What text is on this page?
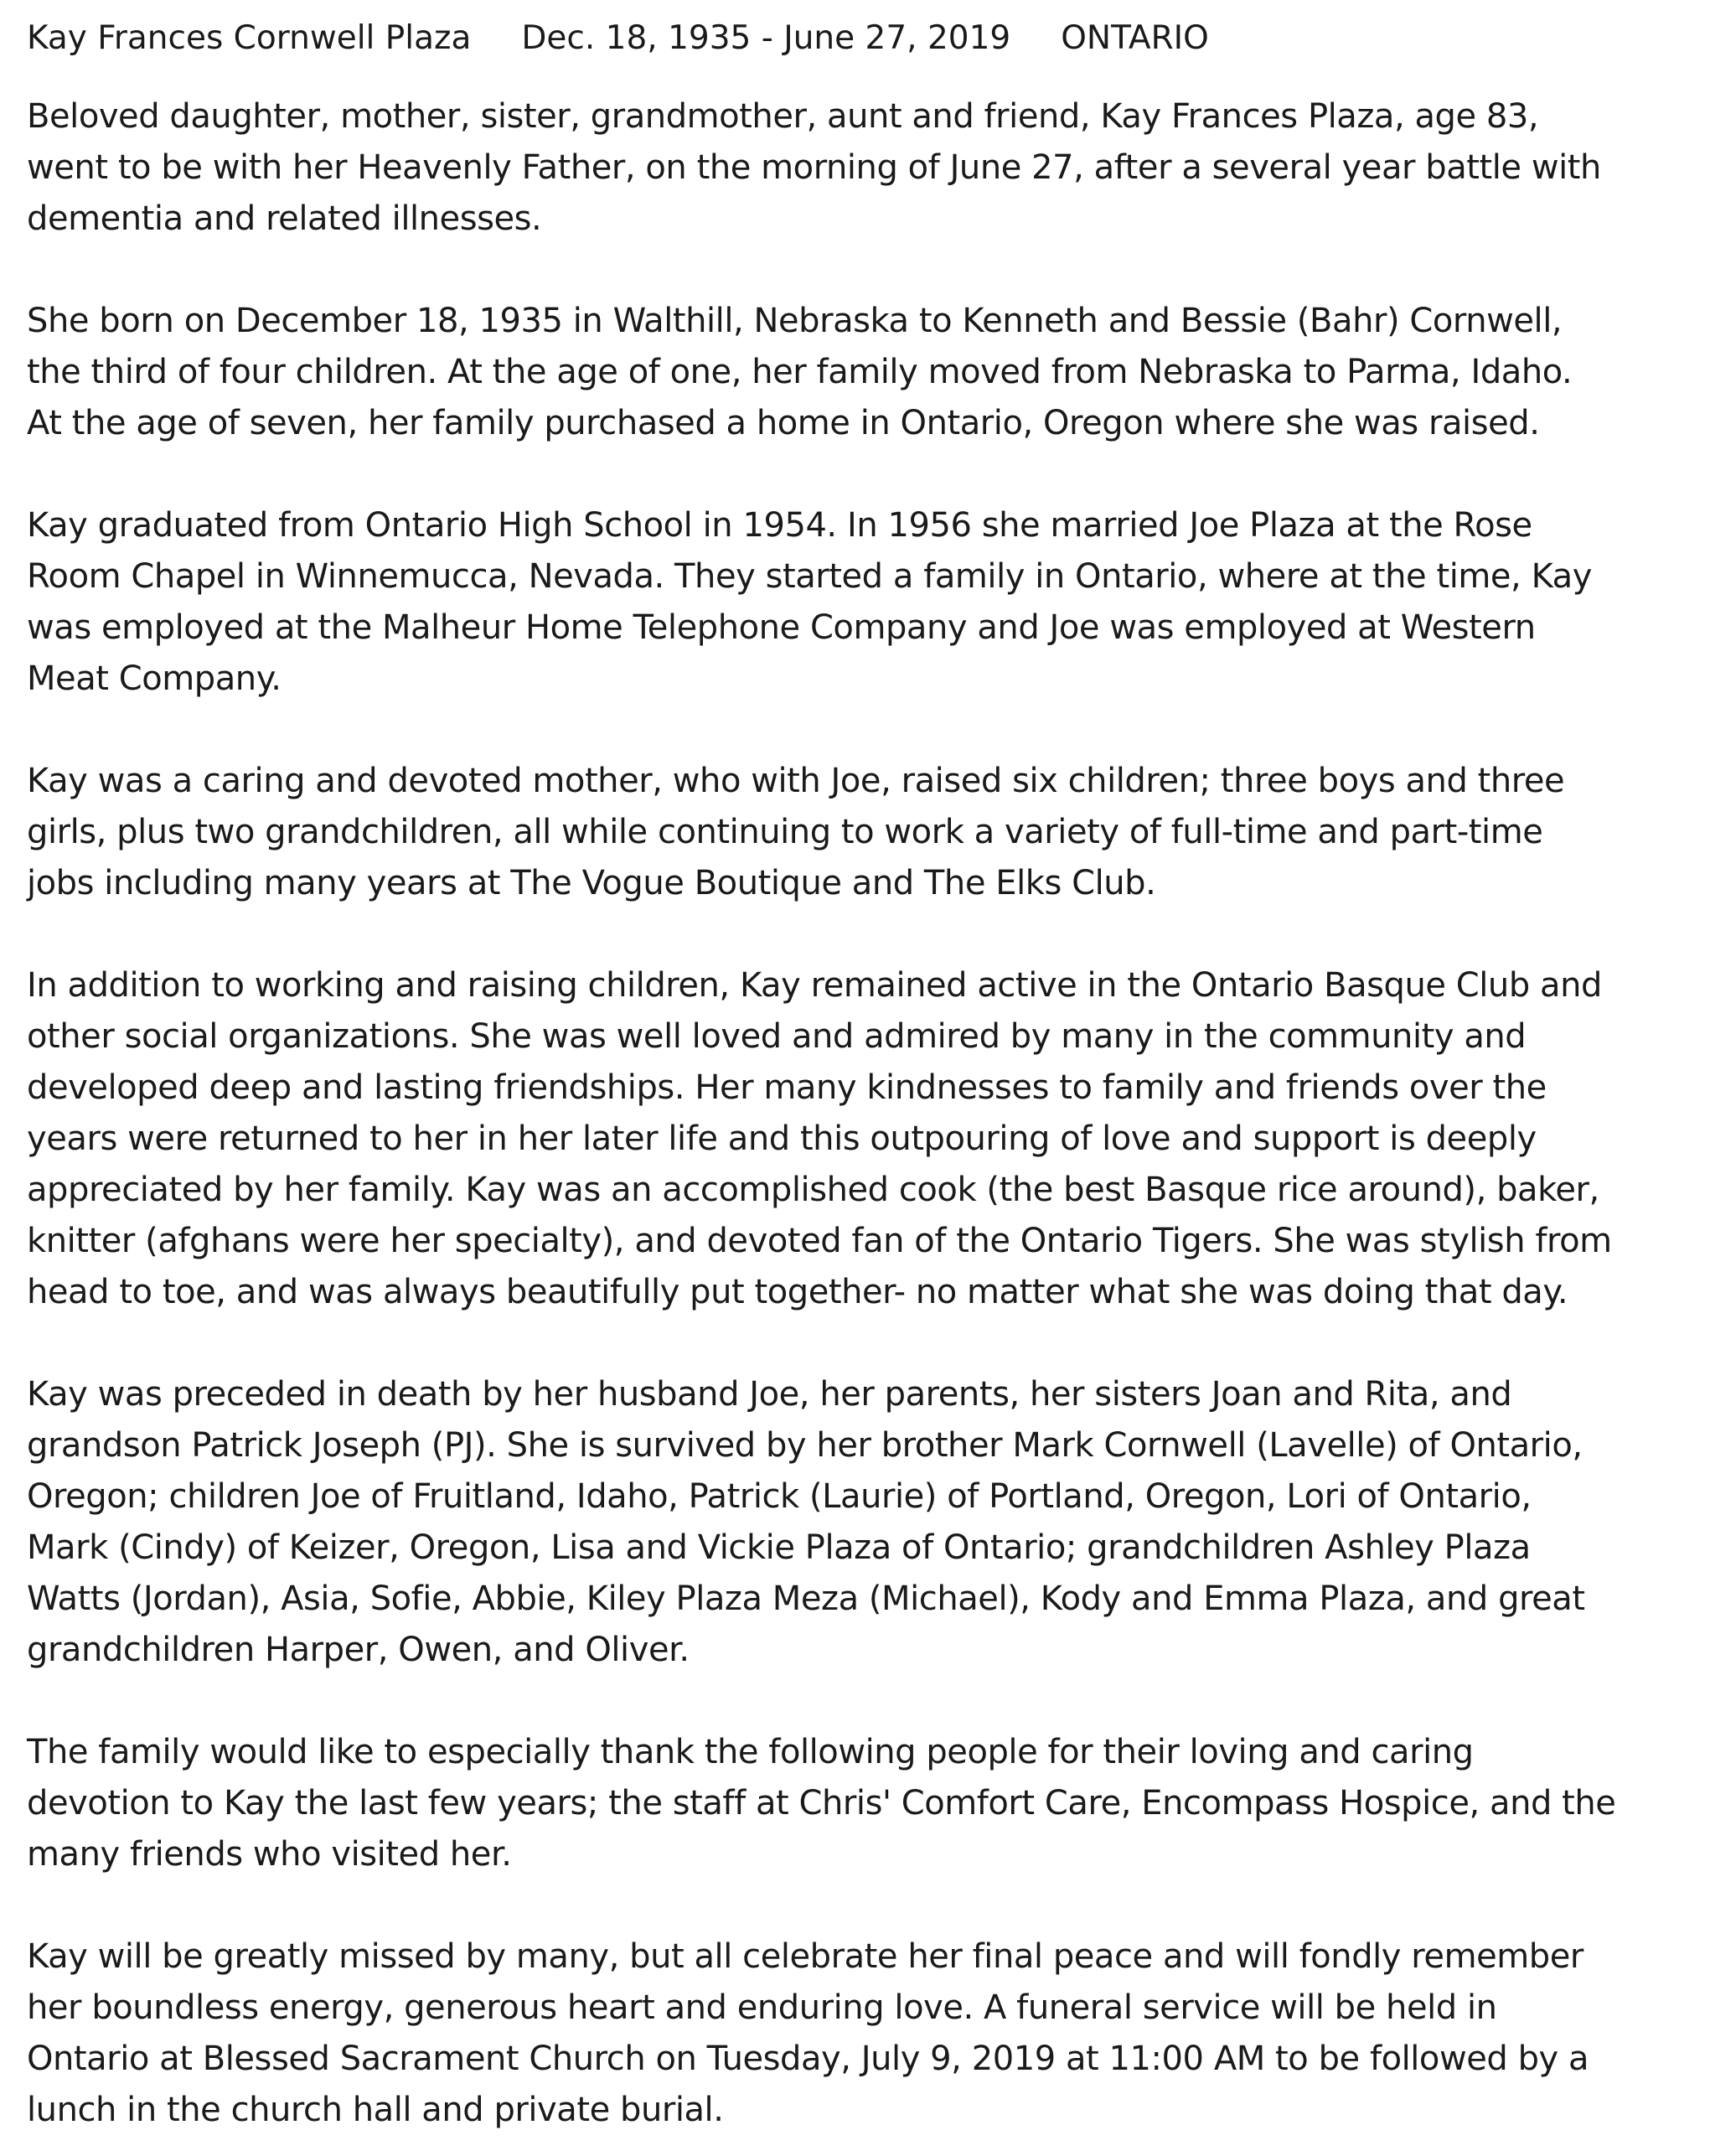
Kay Frances Cornwell Plaza Dec. 18, 1935 - June 27, 2019 ONTARIO
Beloved daughter, mother, sister, grandmother, aunt and friend, Kay Frances Plaza, age 83,
went to be with her Heavenly Father, on the morning of June 27, after a several year battle with
dementia and related illnesses.
She born on December 18, 1935 in Walthill, Nebraska to Kenneth and Bessie (Bahr) Cornwell,
the third of four children. At the age of one, her family moved from Nebraska to Parma, Idaho.
At the age of seven, her family purchased a home in Ontario, Oregon where she was raised.
Kay graduated from Ontario High School in 1954. In 1956 she married Joe Plaza at the Rose
Room Chapel in Winnemucca, Nevada. They started a family in Ontario, where at the time, Kay
was employed at the Malheur Home Telephone Company and Joe was employed at Western
Meat Company.
Kay was a caring and devoted mother, who with Joe, raised six children; three boys and three
girls, plus two grandchildren, all while continuing to work a variety of full-time and part-time
jobs including many years at The Vogue Boutique and The Elks Club.
In addition to working and raising children, Kay remained active in the Ontario Basque Club and
other social organizations. She was well loved and admired by many in the community and
developed deep and lasting friendships. Her many kindnesses to family and friends over the
years were returned to her in her later life and this outpouring of love and support is deeply
appreciated by her family. Kay was an accomplished cook (the best Basque rice around), baker,
knitter (afghans were her specialty), and devoted fan of the Ontario Tigers. She was stylish from
head to toe, and was always beautifully put together- no matter what she was doing that day.
Kay was preceded in death by her husband Joe, her parents, her sisters Joan and Rita, and
grandson Patrick Joseph (PJ). She is survived by her brother Mark Cornwell (Lavelle) of Ontario,
Oregon; children Joe of Fruitland, Idaho, Patrick (Laurie) of Portland, Oregon, Lori of Ontario,
Mark (Cindy) of Keizer, Oregon, Lisa and Vickie Plaza of Ontario; grandchildren Ashley Plaza
Watts (Jordan), Asia, Sofie, Abbie, Kiley Plaza Meza (Michael), Kody and Emma Plaza, and great
grandchildren Harper, Owen, and Oliver.
The family would like to especially thank the following people for their loving and caring
devotion to Kay the last few years; the staff at Chris' Comfort Care, Encompass Hospice, and the
many friends who visited her.
Kay will be greatly missed by many, but all celebrate her final peace and will fondly remember
her boundless energy, generous heart and enduring love. A funeral service will be held in
Ontario at Blessed Sacrament Church on Tuesday, July 9, 2019 at 11:00 AM to be followed by a
lunch in the church hall and private burial.
